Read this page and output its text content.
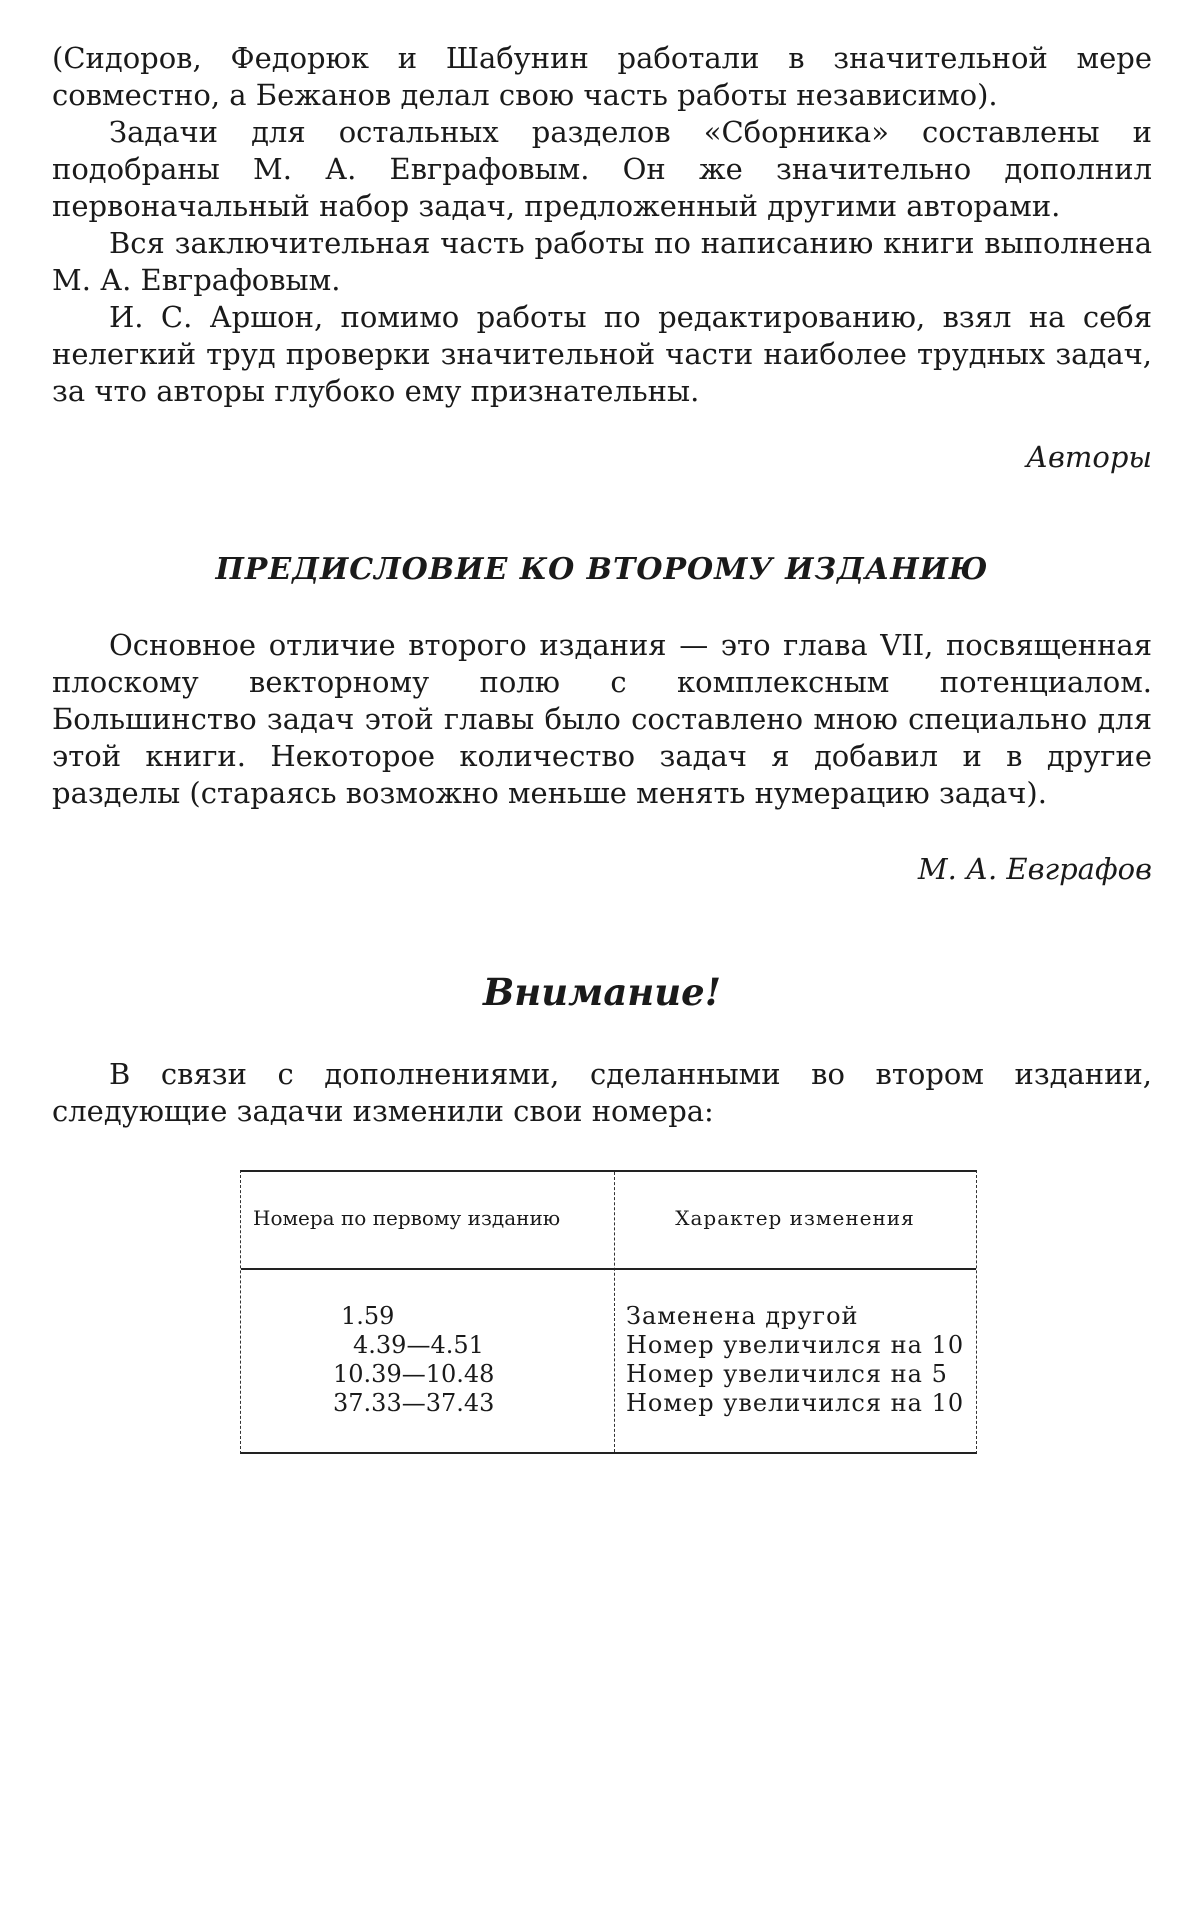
(Сидоров, Федорюк и Шабунин работали в значительной мере совместно, а Бежанов делал свою часть работы независимо).

Задачи для остальных разделов «Сборника» составлены и подобраны М. А. Евграфовым. Он же значительно дополнил первоначальный набор задач, предложенный другими авторами.

Вся заключительная часть работы по написанию книги выполнена М. А. Евграфовым.

И. С. Аршон, помимо работы по редактированию, взял на себя нелегкий труд проверки значительной части наиболее трудных задач, за что авторы глубоко ему признательны.

Авторы

ПРЕДИСЛОВИЕ КО ВТОРОМУ ИЗДАНИЮ

Основное отличие второго издания — это глава VII, посвященная плоскому векторному полю с комплексным потенциалом. Большинство задач этой главы было составлено мною специально для этой книги. Некоторое количество задач я добавил и в другие разделы (стараясь возможно меньше менять нумерацию задач).

М. А. Евграфов

Внимание!

В связи с дополнениями, сделанными во втором издании, следующие задачи изменили свои номера:

Номера по первому изданию	Характер изменения
1.59
4.39—4.51
10.39—10.48
37.33—37.43
Заменена другой
Номер увеличился на 10
Номер увеличился на 5
Номер увеличился на 10
